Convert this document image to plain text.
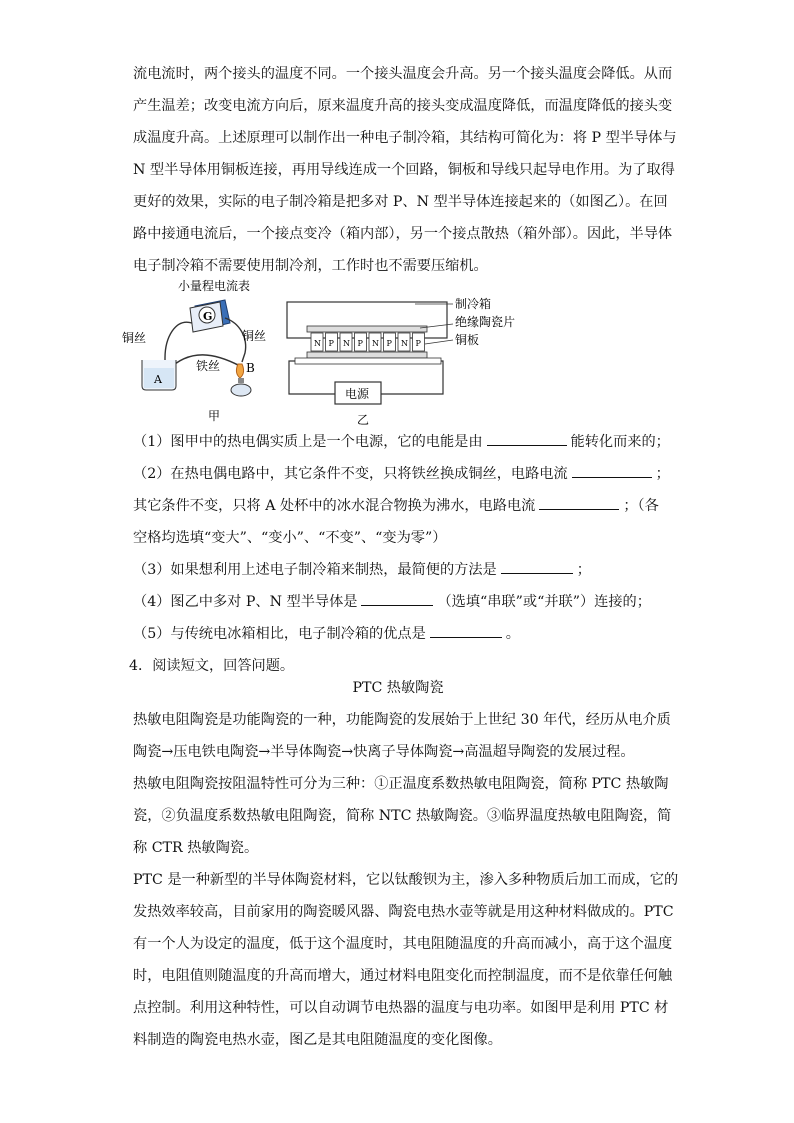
流电流时，两个接头的温度不同。一个接头温度会升高。另一个接头温度会降低。从而
产生温差；改变电流方向后，原来温度升高的接头变成温度降低，而温度降低的接头变
成温度升高。上述原理可以制作出一种电子制冷箱，其结构可简化为：将 P 型半导体与
N 型半导体用铜板连接，再用导线连成一个回路，铜板和导线只起导电作用。为了取得
更好的效果，实际的电子制冷箱是把多对 P、N 型半导体连接起来的（如图乙）。在回
路中接通电流后，一个接点变冷（箱内部），另一个接点散热（箱外部）。因此，半导体
电子制冷箱不需要使用制冷剂，工作时也不需要压缩机。
小量程电流表
G
铜丝	铜丝
铁丝
A
B
甲
N P N P N P N P
电源
制冷箱
绝缘陶瓷片
铜板
乙
（1）图甲中的热电偶实质上是一个电源，它的电能是由	能转化而来的；
（2）在热电偶电路中，其它条件不变，只将铁丝换成铜丝，电路电流	；
其它条件不变，只将 A 处杯中的冰水混合物换为沸水，电路电流	；（各
空格均选填“变大”、“变小”、“不变”、“变为零”）
（3）如果想利用上述电子制冷箱来制热，最简便的方法是	；
（4）图乙中多对 P、N 型半导体是	（选填“串联”或“并联”）连接的；
（5）与传统电冰箱相比，电子制冷箱的优点是	。
4．阅读短文，回答问题。
PTC 热敏陶瓷
热敏电阻陶瓷是功能陶瓷的一种，功能陶瓷的发展始于上世纪 30 年代，经历从电介质
陶瓷→压电铁电陶瓷→半导体陶瓷→快离子导体陶瓷→高温超导陶瓷的发展过程。
热敏电阻陶瓷按阻温特性可分为三种：①正温度系数热敏电阻陶瓷，简称 PTC 热敏陶
瓷，②负温度系数热敏电阻陶瓷，简称 NTC 热敏陶瓷。③临界温度热敏电阻陶瓷，简
称 CTR 热敏陶瓷。
PTC 是一种新型的半导体陶瓷材料，它以钛酸钡为主，渗入多种物质后加工而成，它的
发热效率较高，目前家用的陶瓷暖风器、陶瓷电热水壶等就是用这种材料做成的。PTC
有一个人为设定的温度，低于这个温度时，其电阻随温度的升高而减小，高于这个温度
时，电阻值则随温度的升高而增大，通过材料电阻变化而控制温度，而不是依靠任何触
点控制。利用这种特性，可以自动调节电热器的温度与电功率。如图甲是利用 PTC 材
料制造的陶瓷电热水壶，图乙是其电阻随温度的变化图像。
